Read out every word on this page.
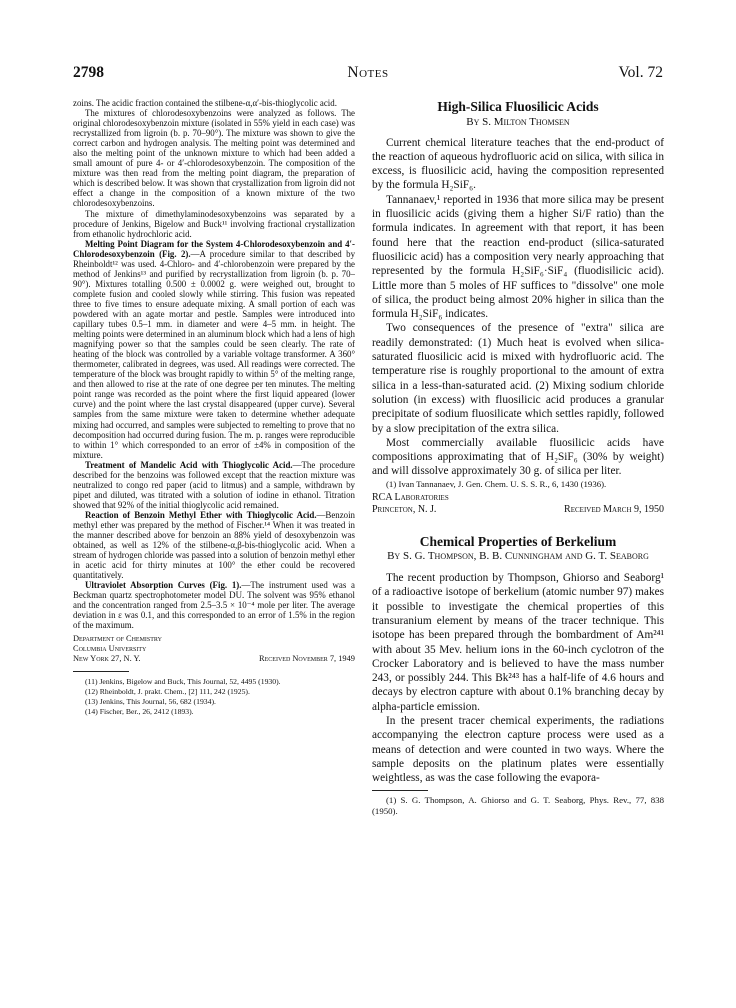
2798	Notes	Vol. 72

zoins. The acidic fraction contained the stilbene-α,α′-bis-thioglycolic acid.

The mixtures of chlorodesoxybenzoins were analyzed as follows. The original chlorodesoxybenzoin mixture (isolated in 55% yield in each case) was recrystallized from ligroin (b. p. 70–90°). The mixture was shown to give the correct carbon and hydrogen analysis. The melting point was determined and also the melting point of the unknown mixture to which had been added a small amount of pure 4- or 4′-chlorodesoxybenzoin. The composition of the mixture was then read from the melting point diagram, the preparation of which is described below. It was shown that crystallization from ligroin did not effect a change in the composition of a known mixture of the two chlorodesoxybenzoins.

The mixture of dimethylaminodesoxybenzoins was separated by a procedure of Jenkins, Bigelow and Buck¹¹ involving fractional crystallization from ethanolic hydrochloric acid.

Melting Point Diagram for the System 4-Chlorodesoxybenzoin and 4′-Chlorodesoxybenzoin (Fig. 2).—A procedure similar to that described by Rheinboldt¹² was used. 4-Chloro- and 4′-chlorobenzoin were prepared by the method of Jenkins¹³ and purified by recrystallization from ligroin (b. p. 70–90°). Mixtures totalling 0.500 ± 0.0002 g. were weighed out, brought to complete fusion and cooled slowly while stirring. This fusion was repeated three to five times to ensure adequate mixing. A small portion of each was powdered with an agate mortar and pestle. Samples were introduced into capillary tubes 0.5–1 mm. in diameter and were 4–5 mm. in height. The melting points were determined in an aluminum block which had a lens of high magnifying power so that the samples could be seen clearly. The rate of heating of the block was controlled by a variable voltage transformer. A 360° thermometer, calibrated in degrees, was used. All readings were corrected. The temperature of the block was brought rapidly to within 5° of the melting range, and then allowed to rise at the rate of one degree per ten minutes. The melting point range was recorded as the point where the first liquid appeared (lower curve) and the point where the last crystal disappeared (upper curve). Several samples from the same mixture were taken to determine whether adequate mixing had occurred, and samples were subjected to remelting to prove that no decomposition had occurred during fusion. The m. p. ranges were reproducible to within 1° which corresponded to an error of ±4% in composition of the mixture.

Treatment of Mandelic Acid with Thioglycolic Acid.—The procedure described for the benzoins was followed except that the reaction mixture was neutralized to congo red paper (acid to litmus) and a sample, withdrawn by pipet and diluted, was titrated with a solution of iodine in ethanol. Titration showed that 92% of the initial thioglycolic acid remained.

Reaction of Benzoin Methyl Ether with Thioglycolic Acid.—Benzoin methyl ether was prepared by the method of Fischer.¹⁴ When it was treated in the manner described above for benzoin an 88% yield of desoxybenzoin was obtained, as well as 12% of the stilbene-α,β-bis-thioglycolic acid. When a stream of hydrogen chloride was passed into a solution of benzoin methyl ether in acetic acid for thirty minutes at 100° the ether could be recovered quantitatively.

Ultraviolet Absorption Curves (Fig. 1).—The instrument used was a Beckman quartz spectrophotometer model DU. The solvent was 95% ethanol and the concentration ranged from 2.5–3.5 × 10⁻⁴ mole per liter. The average deviation in ε was 0.1, and this corresponded to an error of 1.5% in the region of the maximum.

Department of Chemistry
Columbia University
New York 27, N. Y.	Received November 7, 1949

(11) Jenkins, Bigelow and Buck, This Journal, 52, 4495 (1930).

(12) Rheinboldt, J. prakt. Chem., [2] 111, 242 (1925).

(13) Jenkins, This Journal, 56, 682 (1934).

(14) Fischer, Ber., 26, 2412 (1893).

High-Silica Fluosilicic Acids
By S. Milton Thomsen

Current chemical literature teaches that the end-product of the reaction of aqueous hydrofluoric acid on silica, with silica in excess, is fluosilicic acid, having the composition represented by the formula H₂SiF₆.

Tannanaev,¹ reported in 1936 that more silica may be present in fluosilicic acids (giving them a higher Si/F ratio) than the formula indicates. In agreement with that report, it has been found here that the reaction end-product (silica-saturated fluosilicic acid) has a composition very nearly approaching that represented by the formula H₂SiF₆·SiF₄ (fluodisilicic acid). Little more than 5 moles of HF suffices to "dissolve" one mole of silica, the product being almost 20% higher in silica than the formula H₂SiF₆ indicates.

Two consequences of the presence of "extra" silica are readily demonstrated: (1) Much heat is evolved when silica-saturated fluosilicic acid is mixed with hydrofluoric acid. The temperature rise is roughly proportional to the amount of extra silica in a less-than-saturated acid. (2) Mixing sodium chloride solution (in excess) with fluosilicic acid produces a granular precipitate of sodium fluosilicate which settles rapidly, followed by a slow precipitation of the extra silica.

Most commercially available fluosilicic acids have compositions approximating that of H₂SiF₆ (30% by weight) and will dissolve approximately 30 g. of silica per liter.

(1) Ivan Tannanaev, J. Gen. Chem. U. S. S. R., 6, 1430 (1936).

RCA Laboratories
Princeton, N. J.	Received March 9, 1950
Chemical Properties of Berkelium
By S. G. Thompson, B. B. Cunningham and G. T. Seaborg

The recent production by Thompson, Ghiorso and Seaborg¹ of a radioactive isotope of berkelium (atomic number 97) makes it possible to investigate the chemical properties of this transuranium element by means of the tracer technique. This isotope has been prepared through the bombardment of Am²⁴¹ with about 35 Mev. helium ions in the 60-inch cyclotron of the Crocker Laboratory and is believed to have the mass number 243, or possibly 244. This Bk²⁴³ has a half-life of 4.6 hours and decays by electron capture with about 0.1% branching decay by alpha-particle emission.

In the present tracer chemical experiments, the radiations accompanying the electron capture process were used as a means of detection and were counted in two ways. Where the sample deposits on the platinum plates were essentially weightless, as was the case following the evapora-

(1) S. G. Thompson, A. Ghiorso and G. T. Seaborg, Phys. Rev., 77, 838 (1950).
